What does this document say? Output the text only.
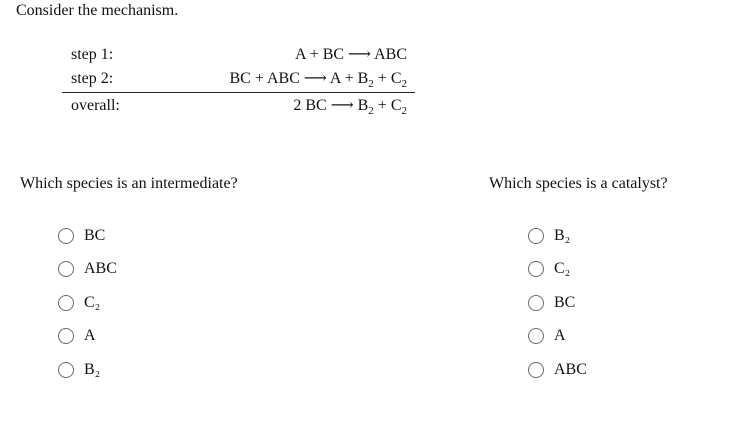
Consider the mechanism.
step 1:	A + BC ⟶ ABC
step 2:	BC + ABC ⟶ $A + B_2 + C_2$
overall:	2 BC ⟶ $B_2 + C_2$
Which species is an intermediate?
BC
ABC
C₂
A
B₂
Which species is a catalyst?
B₂
C₂
BC
A
ABC
